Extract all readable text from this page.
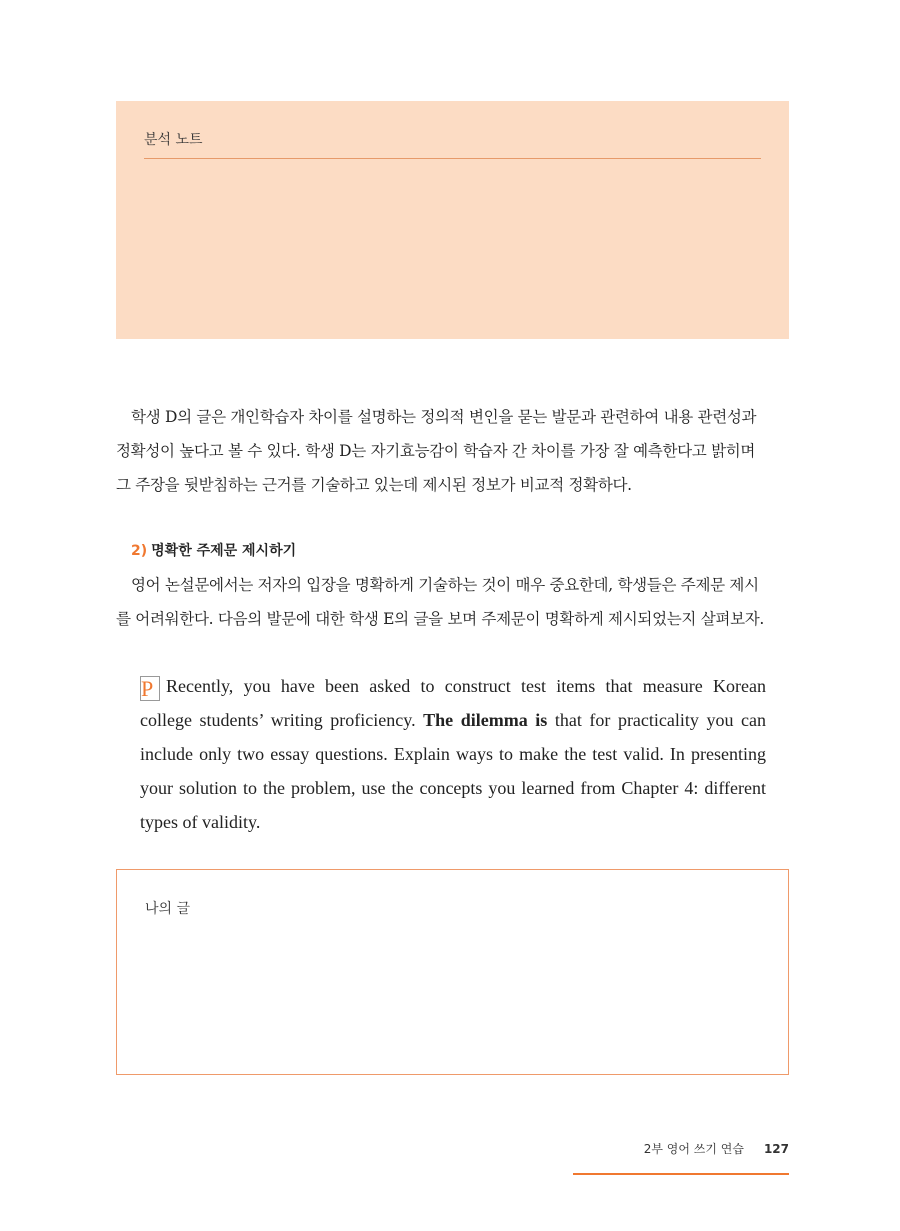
분석 노트
학생 D의 글은 개인학습자 차이를 설명하는 정의적 변인을 묻는 발문과 관련하여 내용 관련성과
정확성이 높다고 볼 수 있다. 학생 D는 자기효능감이 학습자 간 차이를 가장 잘 예측한다고 밝히며
그 주장을 뒷받침하는 근거를 기술하고 있는데 제시된 정보가 비교적 정확하다.
2) 명확한 주제문 제시하기
영어 논설문에서는 저자의 입장을 명확하게 기술하는 것이 매우 중요한데, 학생들은 주제문 제시
를 어려워한다. 다음의 발문에 대한 학생 E의 글을 보며 주제문이 명확하게 제시되었는지 살펴보자.
P Recently, you have been asked to construct test items that measure Korean
college students’ writing proficiency. The dilemma is that for practicality you can
include only two essay questions. Explain ways to make the test valid. In presenting
your solution to the problem, use the concepts you learned from Chapter 4: different
types of validity.
나의 글
2부 영어 쓰기 연습 127
